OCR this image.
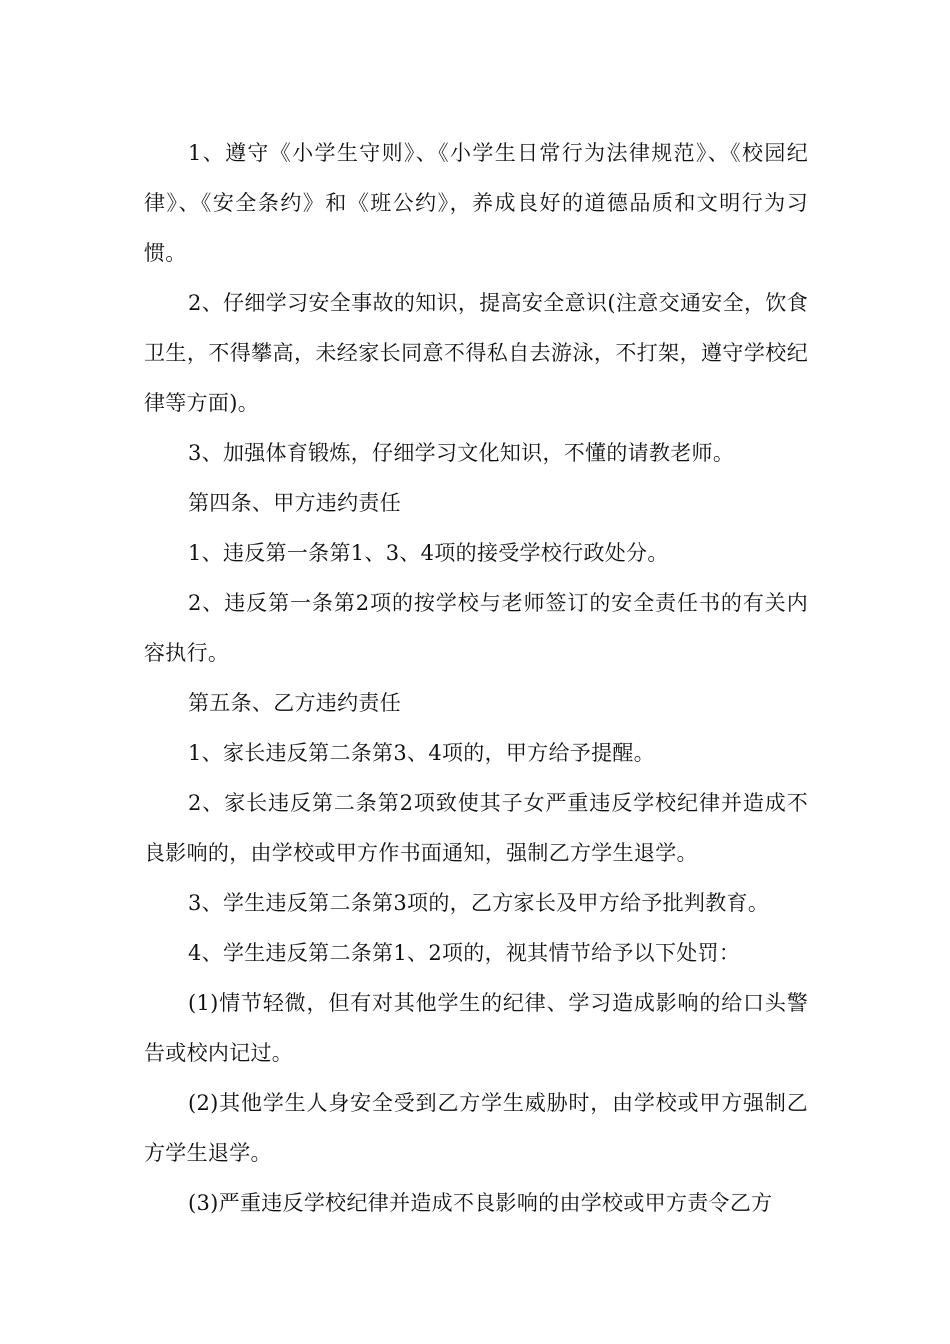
1、遵守《小学生守则》、《小学生日常行为法律规范》、《校园纪律》、《安全条约》和《班公约》，养成良好的道德品质和文明行为习惯。

2、仔细学习安全事故的知识，提高安全意识(注意交通安全，饮食卫生，不得攀高，未经家长同意不得私自去游泳，不打架，遵守学校纪律等方面)。

3、加强体育锻炼，仔细学习文化知识，不懂的请教老师。

第四条、甲方违约责任

1、违反第一条第1、3、4项的接受学校行政处分。

2、违反第一条第2项的按学校与老师签订的安全责任书的有关内容执行。

第五条、乙方违约责任

1、家长违反第二条第3、4项的，甲方给予提醒。

2、家长违反第二条第2项致使其子女严重违反学校纪律并造成不良影响的，由学校或甲方作书面通知，强制乙方学生退学。

3、学生违反第二条第3项的，乙方家长及甲方给予批判教育。

4、学生违反第二条第1、2项的，视其情节给予以下处罚：

(1)情节轻微，但有对其他学生的纪律、学习造成影响的给口头警告或校内记过。

(2)其他学生人身安全受到乙方学生威胁时，由学校或甲方强制乙方学生退学。

(3)严重违反学校纪律并造成不良影响的由学校或甲方责令乙方
